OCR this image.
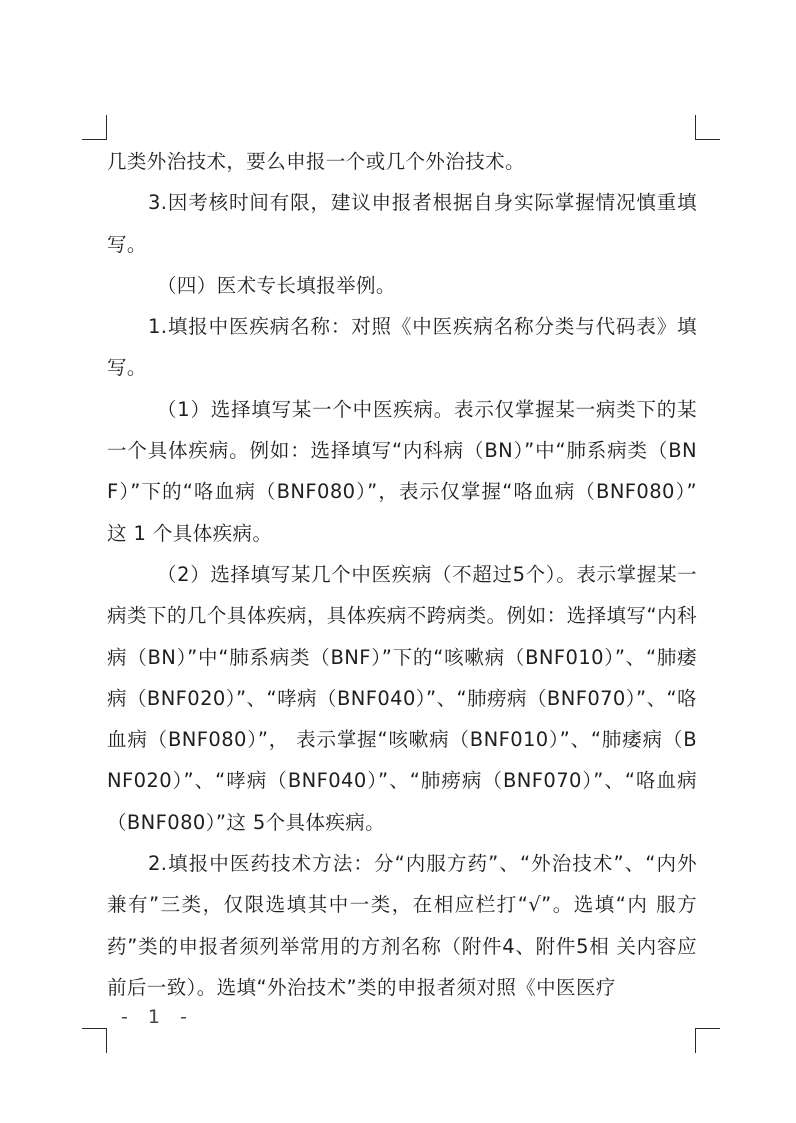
几类外治技术，要么申报一个或几个外治技术。

3.因考核时间有限，建议申报者根据自身实际掌握情况慎重填写。

（四）医术专长填报举例。

1.填报中医疾病名称：对照《中医疾病名称分类与代码表》填写。

（1）选择填写某一个中医疾病。表示仅掌握某一病类下的某一个具体疾病。例如：选择填写“内科病（BN）”中“肺系病类（BNF）”下的“咯血病（BNF080）”，表示仅掌握“咯血病（BNF080）” 这 1 个具体疾病。

（2）选择填写某几个中医疾病（不超过5个）。表示掌握某一病类下的几个具体疾病，具体疾病不跨病类。例如：选择填写“内科病（BN）”中“肺系病类（BNF）”下的“咳嗽病（BNF010）”、“肺痿病（BNF020）”、“哮病（BNF040）”、“肺痨病（BNF070）”、“咯血病（BNF080）”， 表示掌握“咳嗽病（BNF010）”、“肺痿病（BNF020）”、“哮病（BNF040）”、“肺痨病（BNF070）”、“咯血病（BNF080）”这 5个具体疾病。

2.填报中医药技术方法：分“内服方药”、“外治技术”、“内外兼有”三类，仅限选填其中一类，在相应栏打“√”。选填“内 服方药”类的申报者须列举常用的方剂名称（附件4、附件5相 关内容应前后一致）。选填“外治技术”类的申报者须对照《中医医疗

- 1 -
